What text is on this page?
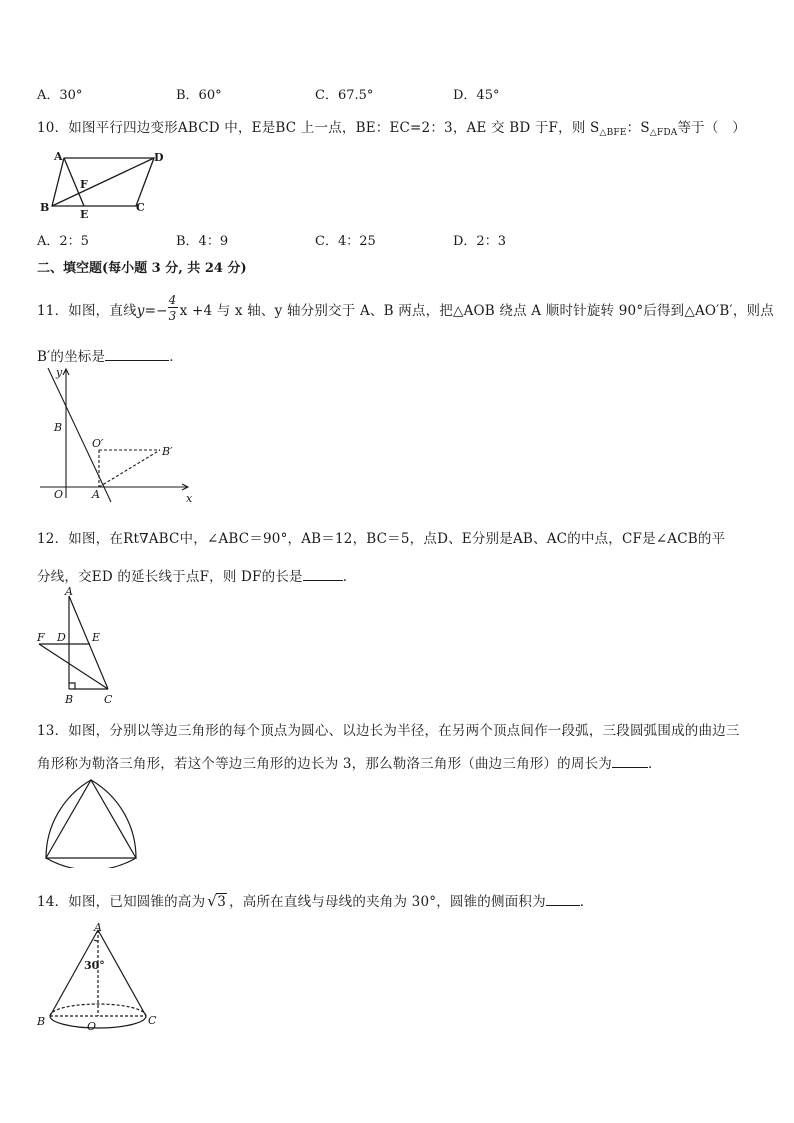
A．30°	B．60°	C．67.5°	D．45°
10．如图平行四边变形ABCD 中，E是BC 上一点，BE：EC=2：3，AE 交 BD 于F，则 $S_{\triangle BFE}$：$S_{\triangle FDA}$等于（　）
A	D
F
B
E
C
A．2：5	B．4：9	C．4：25	D．2：3
二、填空题(每小题 3 分, 共 24 分)
11．如图，直线$y=- \frac{4}{3}$ x +4 与 x 轴、y 轴分别交于 A、B 两点，把△AOB 绕点 A 顺时针旋转 90°后得到△AO′B′，则点
B′的坐标是	．
y
x
O	A
B
O′
B′
12．如图，在Rt∇ABC中，∠ABC＝90°，AB＝12，BC＝5，点D、E分别是AB、AC的中点，CF是∠ACB的平
分线，交ED 的延长线于点F，则 DF的长是	．
A
F D E
B	C
13．如图，分别以等边三角形的每个顶点为圆心、以边长为半径，在另两个顶点间作一段弧，三段圆弧围成的曲边三
角形称为勒洛三角形，若这个等边三角形的边长为 3，那么勒洛三角形（曲边三角形）的周长为	．
14．如图，已知圆锥的高为 √ 3 ，高所在直线与母线的夹角为 30°，圆锥的侧面积为	．
A
30°
B	O	C
